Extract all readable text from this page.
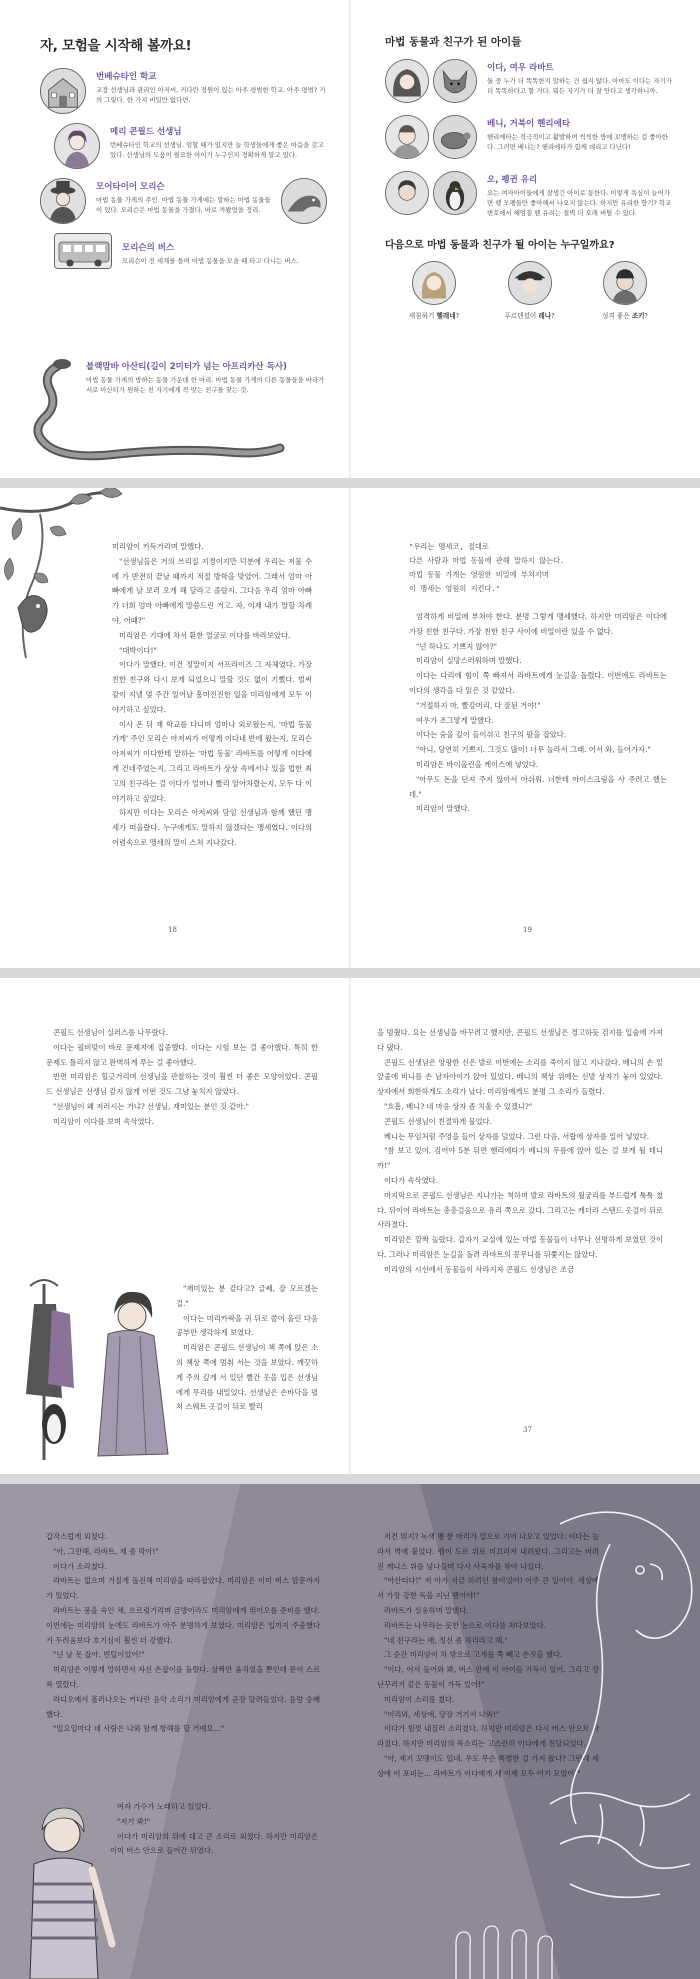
자, 모험을 시작해 볼까요!
번베슈타인 학교
교장 선생님과 관리인 아저씨, 커다란 정원이 있는 아주 평범한 학교. 아주 평범? 거의 그렇다. 한 가지 비밀만 없다면.
메리 콘필드 선생님
번베슈타인 학교의 선생님. 엄할 때가 있지만 늘 학생들에게 좋은 마음을 갖고 있다. 선생님의 도움이 필요한 아이가 누구인지 정확하게 알고 있다.
모어타이어 모리슨
마법 동물 가게의 주인. 마법 동물 가게에는 말하는 마법 동물들이 있다. 모리슨은 마법 동물을 가졌다, 바로 까봤었을 정리.
모리슨의 버스
모리슨이 전 세계를 돌며 마법 동물을 모을 때 타고 다니는 버스.
블랙맘바 아산티(길이 2미터가 넘는 아프리카산 독사)
마법 동물 가게의 방하는 동물 가운데 한 마리. 마법 동물 가게의 다른 동물들을 바라가서로 아산티가 원하는 친 자기에게 꼭 맞는 친구를 찾는 것.
마법 동물과 친구가 된 아이들
이다, 여우 라바트
둘 중 누가 더 똑똑한지 말하는 건 쉽지 않다. 아마도 이다는 자기가 더 똑똑하다고 할 거다. 뭐든 자기가 더 잘 안다고 생각하니까.
베니, 거북이 헨리에타
헨리에타는 적극적이고 활발하며 씩씩한 방에 꼬맹하는 걸 좋아한다. 그러면 베니는? 헨리에타가 함께 데리고 다닌다!
오, 펭귄 유리
요는 여자아이들에게 잘생긴 아이로 통한다. 이렇게 욕심이 늘어가면 펭 모펭들만 좋아해서 나오지 않는다. 하지만 유리한 향기? 학교 변호에서 혜엄칠 땐 유리는 절벽 더 오래 버틸 수 있다.
다음으로 마법 동물과 친구가 될 아이는 누구일까요?
새침하기 헬레네?	푸르덴셜이 레나?	성격 좋은 조키?

미리암이 키득거리며 말했다.

"선생님들은 거의 쓰리질 지경이지만 덕분에 우리는 저물 수에 가 반전히 끝날 때까지 적절 방학을 맞았어. 그래서 엄마 아빠에게 날 보러 오게 해 달라고 졸랐지. 그다음 우리 엄마 아빠가 너희 엄마 아빠에게 말씀드린 거고. 자, 이제 내가 말할 차례야, 어때?"

미리암은 기대에 차서 환한 얼굴로 이다를 바라보았다.

"대박이다!"

이다가 말했다. 이건 정말이지 서프라이즈 그 자체였다. 가장 친한 친구와 다시 보게 되었으니 말할 것도 없이 기뻤다. 벌써 같이 지낼 몇 주간 일어날 흥미진진한 일을 미리암에게 모두 이야기하고 싶었다.

이사 온 뒤 재 학교를 다니며 엄마나 외로웠는지, '마법 동물 가게' 주인 모리슨 아저씨가 어떻게 이다네 반에 왔는지, 모리슨 아저씨가 이다한테 말하는 '마법 동물' 라바트를 어떻게 이다에게 건네주었는지, 그리고 라바트가 상상 속에서나 있을 법한 최고의 친구라는 걸 이다가 얼마나 빨리 알아차렸는지, 모두 다 이야기하고 싶었다.

하지만 이다는 모리슨 아저씨와 담임 선생님과 함께 했던 맹세가 떠올랐다. 누구에게도 말하지 않겠다는 맹세였다. 이다의 어렴속으로 맹세의 말이 스쳐 지나갔다.

18
"우리는 맹세코, 절대로
다른 사람과 마법 동물에 관해 말하지 않는다.
마법 동물 가게는 영원한 비밀에 부쳐지며
이 맹세는 영원히 지킨다."

엄격하게 비밀에 부쳐야 한다. 분명 그렇게 맹세했다. 하지만 미리암은 이다에 가장 친한 친구다. 가장 친한 친구 사이에 비밀이란 있을 수 없다.

"넌 하나도 기쁘지 않아?"

미리암이 실망스러워하며 말했다.

이다는 다리에 힘이 쭉 빠져서 라바트에게 눈길을 돌렸다. 이번에도 라바트는 이다의 생각을 다 읽은 것 같았다.

"거절하지 마, 빨강머리, 다 잘된 거야!"

여우가 조그맣게 말했다.

이다는 숨을 깊이 들이쉬고 친구의 팔을 잡았다.

"아니, 당연히 기쁘지. 그것도 많이! 너무 놀라서 그래. 어서 와, 들어가자."

미리암은 바이올린을 케이스에 넣었다.

"아무도 돈을 던져 주지 않아서 아쉬워. 너한테 아이스크림을 사 주려고 했는데."

미리암이 말했다.

19

콘필드 선생님이 실러스를 나무랐다.

이다는 필비맞이 바로 문제지에 집중했다. 이다는 시험 보는 걸 좋아했다. 특히 한 문제도 틀리지 않고 완벽하게 푸는 걸 좋아했다.

반면 미리암은 힐긋거리며 선생님을 관찰하는 것이 훨씬 더 좋은 모양이었다. 콘필드 선생님은 선생님 같지 않게 어떤 것도 그냥 놓치지 않았다.

"선생님이 왜 저러시는 거냐? 선생님, 재미있는 분인 것 같아."

미리암이 이다를 보며 속삭였다.

"재미있는 분 같다고? 글쎄, 잘 모르겠는걸."

이다는 머리카락을 귀 뒤로 쓸어 올린 다음 공부만 생각하게 보였다.

미리암은 콘필드 선생님이 책 쪽에 앉은 소의 책상 쪽에 멈춰 서는 것을 보았다. 깨끗하게 주의 깊게 서 있던 빨간 옷을 입은 선생님에게 무리를 내밀었다. 선생님은 손바닥을 펼쳐 스웨트 옷걸이 뒤로 빨리

을 멈췄다. 요는 선생님을 바꾸려고 했지만, 콘필드 선생님은 경고하듯 검지를 입술에 가져다 댔다.

콘필드 선생님은 앙팡한 신은 발로 이번에는 소리를 죽이지 않고 지나갔다. 베니의 손 밑 앞줄에 비니를 손 남자아이가 앉아 있었다. 베니의 책상 위에는 신발 상자가 놓여 있었다. 상자에서 희한하게도 소리가 났다. 미리암에게도 분명 그 소리가 들렸다.

"흐흠, 베니? 네 마음 상자 좀 치울 수 있겠니?"

콘필드 선생님이 친절하게 물었다.

베니는 무임처럼 주영을 들어 상자를 덮었다. 그런 다음, 서랍에 상자를 밀어 넣었다.

"참 보고 있어. 검어야 5분 뒤면 헨리에타가 베니의 무릎에 앉아 있는 걸 보게 될 테니까!"

이다가 속삭였다.

마지막으로 콘필드 선생님은 지나가는 척하며 발로 라바트의 월궁리를 부드럽게 툭툭 쳤다. 뒤이어 라바트는 총총걸음으로 유리 쪽으로 갔다. 그리고는 캐더라 스탠드 옷걸이 뒤로 사라졌다.

미리암은 깜짝 놀랐다. 갑자기 교실에 있는 마법 동물들이 너무나 선명하게 보였던 것이다. 그러나 미리암은 눈길을 돌려 라바트의 꽁무니를 뒤쫓지는 않았다.

미리암의 시선에서 동물들이 사라지자 콘필드 선생님은 조금

37

갑작스럽게 외쳤다.

"아, 그만해, 라바트, 재 좀 막아!"

이다가 소리쳤다.

라바트는 없으며 거칠게 돌진해 미리암을 따라잡았다. 미리암은 이미 버스 앞문까지 가 있었다.

라바트는 풍을 숙인 채, 으르렁거리며 금방이라도 미리암에게 뛰어오를 준비를 했다. 이번에는 미리암의 눈에도 라바트가 아주 분명하게 보였다. 미리암은 입까지 주춤했다가 두려움보다 호기심이 훨씬 더 강했다.

"넌 날 못 잡아. 빈털이었어!"

미리암은 이렇게 말하면서 자신 손잡이를 돌렸다. 살짝만 움직였을 뿐인데 문이 스르륵 열렸다.

라디오에서 흘러나오는 커다란 음악 소리가 미리암에게 곧장 달려들었다. 음량 숭배했다.

"일요일마다 네 사람은 나와 함께 항해를 할 거예요…"

여자 가수가 노래하고 있었다.

"저기 봐!"

이다가 미리암의 뒤에 대고 큰 소리로 외쳤다. 하지만 미리암은 이미 버스 안으로 들어간 뒤였다.

저건 뭐지? 녹색 뱀 한 마리가 열으로 기어 나오고 있었다. 이다는 놀라서 벽에 붙었다. 뱀이 도로 위로 미끄러져 내려왔다. 그리고는 버려진 캐니스 위를 넘나들며 다시 사육자를 찾아 나섰다.

"아산티다!" 저 아가 지금 하려던 참이었어! 아주 큰 일이야. 세상에서 가장 강한 독을 지닌 뱀이야!"

라바트가 실웅하며 말했다.

라바트는 나무라는 듯한 눈으로 이다를 쳐다보았다.

"네 친구라는 애, 정신 좀 차리라고 해."

그 순간 미리암이 차 밖으로 고개를 쭉 빼고 손짓을 했다.

"이다, 어서 들어와 봐, 버스 안에 이 아이들 가득이 있어. 그리고 장난꾸러기 같은 동물이 가득 있어!"

미리암이 소리를 쳤다.

"이리와, 세상에, 당장 거기서 나와!"

이다가 힘껏 내질러 소리쳤다. 하지만 미리암은 다시 버스 안으로 사라졌다. 하지만 미리암의 목소리는 고스란히 이다에게 전달되었다.

"아, 제기 꼬맹이도 있네. 우도 무슨 특별한 걸 가져 왔나? 그런데 세상에 이 포피는… 라바트가 이다에게 세 이제 모두 여기 모였어!"
